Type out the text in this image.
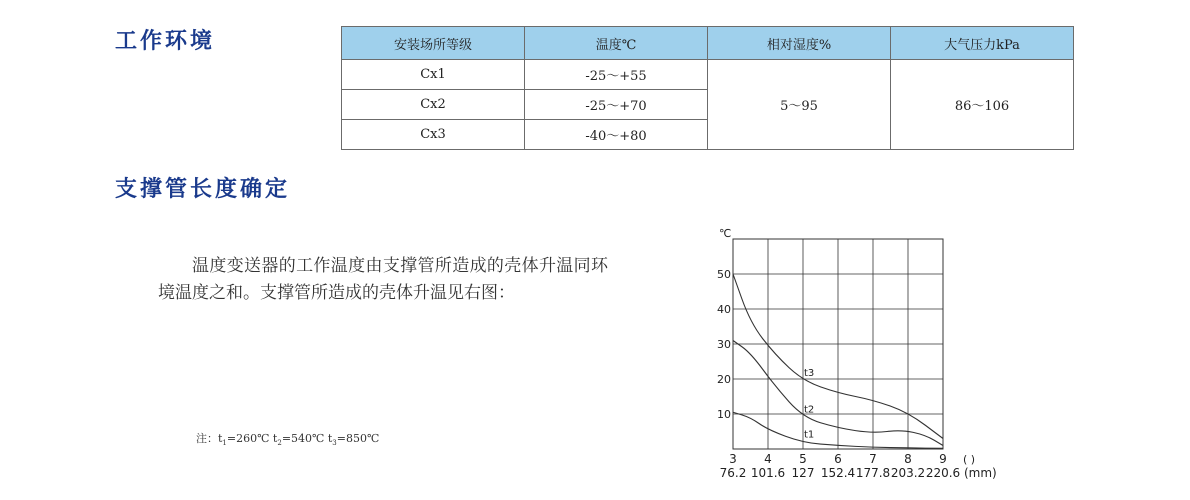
工作环境	安装场所等级	温度℃	相对湿度%	大气压力kPa
Cx1	-25～+55	5～95	86～106
Cx2	-25～+70		
Cx3	-40～+80		
支撑管长度确定

温度变送器的工作温度由支撑管所造成的壳体升温同环境温度之和。支撑管所造成的壳体升温见右图：

注：$t_1=260℃$ $t_2=540℃$ $t_3=850℃$
3 4 5 6 7 8 9
10
20
30
40
50
℃
( )
76.2 101.6 127 152.4 177.8 203.2 220.6 (mm)
t3
t2
t1
